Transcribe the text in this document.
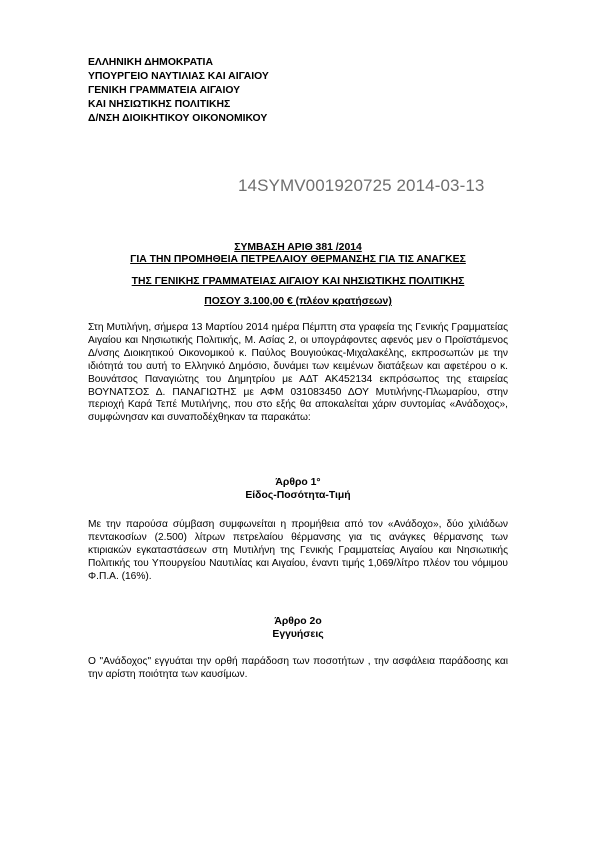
ΕΛΛΗΝΙΚΗ ΔΗΜΟΚΡΑΤΙΑ
ΥΠΟΥΡΓΕΙΟ ΝΑΥΤΙΛΙΑΣ ΚΑΙ ΑΙΓΑΙΟΥ
ΓΕΝΙΚΗ ΓΡΑΜΜΑΤΕΙΑ ΑΙΓΑΙΟΥ
ΚΑΙ ΝΗΣΙΩΤΙΚΗΣ ΠΟΛΙΤΙΚΗΣ
Δ/ΝΣΗ ΔΙΟΙΚΗΤΙΚΟΥ ΟΙΚΟΝΟΜΙΚΟΥ
14SYMV001920725 2014-03-13
ΣΥΜΒΑΣΗ ΑΡΙΘ 381 /2014
ΓΙΑ ΤΗΝ ΠΡΟΜΗΘΕΙΑ ΠΕΤΡΕΛΑΙΟΥ ΘΕΡΜΑΝΣΗΣ ΓΙΑ ΤΙΣ ΑΝΑΓΚΕΣ
ΤΗΣ ΓΕΝΙΚΗΣ ΓΡΑΜΜΑΤΕΙΑΣ ΑΙΓΑΙΟΥ ΚΑΙ ΝΗΣΙΩΤΙΚΗΣ ΠΟΛΙΤΙΚΗΣ
ΠΟΣΟΥ 3.100,00 € (πλέον κρατήσεων)
Στη Μυτιλήνη, σήμερα 13 Μαρτίου 2014 ημέρα Πέμπτη στα γραφεία της Γενικής Γραμματείας Αιγαίου και Νησιωτικής Πολιτικής, Μ. Ασίας 2, οι υπογράφοντες αφενός μεν ο Προϊστάμενος Δ/νσης Διοικητικού Οικονομικού κ. Παύλος Βουγιούκας-Μιχαλακέλης, εκπροσωπών με την ιδιότητά του αυτή το Ελληνικό Δημόσιο, δυνάμει των κειμένων διατάξεων και αφετέρου ο κ. Βουνάτσος Παναγιώτης του Δημητρίου με ΑΔΤ ΑΚ452134 εκπρόσωπος της εταιρείας ΒΟΥΝΑΤΣΟΣ Δ. ΠΑΝΑΓΙΩΤΗΣ με ΑΦΜ 031083450 ΔΟΥ Μυτιλήνης-Πλωμαρίου, στην περιοχή Καρά Τεπέ Μυτιλήνης, που στο εξής θα αποκαλείται χάριν συντομίας «Ανάδοχος», συμφώνησαν και συναποδέχθηκαν τα παρακάτω:
Άρθρο 1°
Είδος-Ποσότητα-Τιμή
Με την παρούσα σύμβαση συμφωνείται η προμήθεια από τον «Ανάδοχο», δύο χιλιάδων πεντακοσίων (2.500) λίτρων πετρελαίου θέρμανσης για τις ανάγκες θέρμανσης των κτιριακών εγκαταστάσεων στη Μυτιλήνη της Γενικής Γραμματείας Αιγαίου και Νησιωτικής Πολιτικής του Υπουργείου Ναυτιλίας και Αιγαίου, έναντι τιμής 1,069/λίτρο πλέον του νόμιμου Φ.Π.Α. (16%).
Άρθρο 2ο
Εγγυήσεις
Ο "Ανάδοχος" εγγυάται την ορθή παράδοση των ποσοτήτων , την ασφάλεια παράδοσης και την αρίστη ποιότητα των καυσίμων.
